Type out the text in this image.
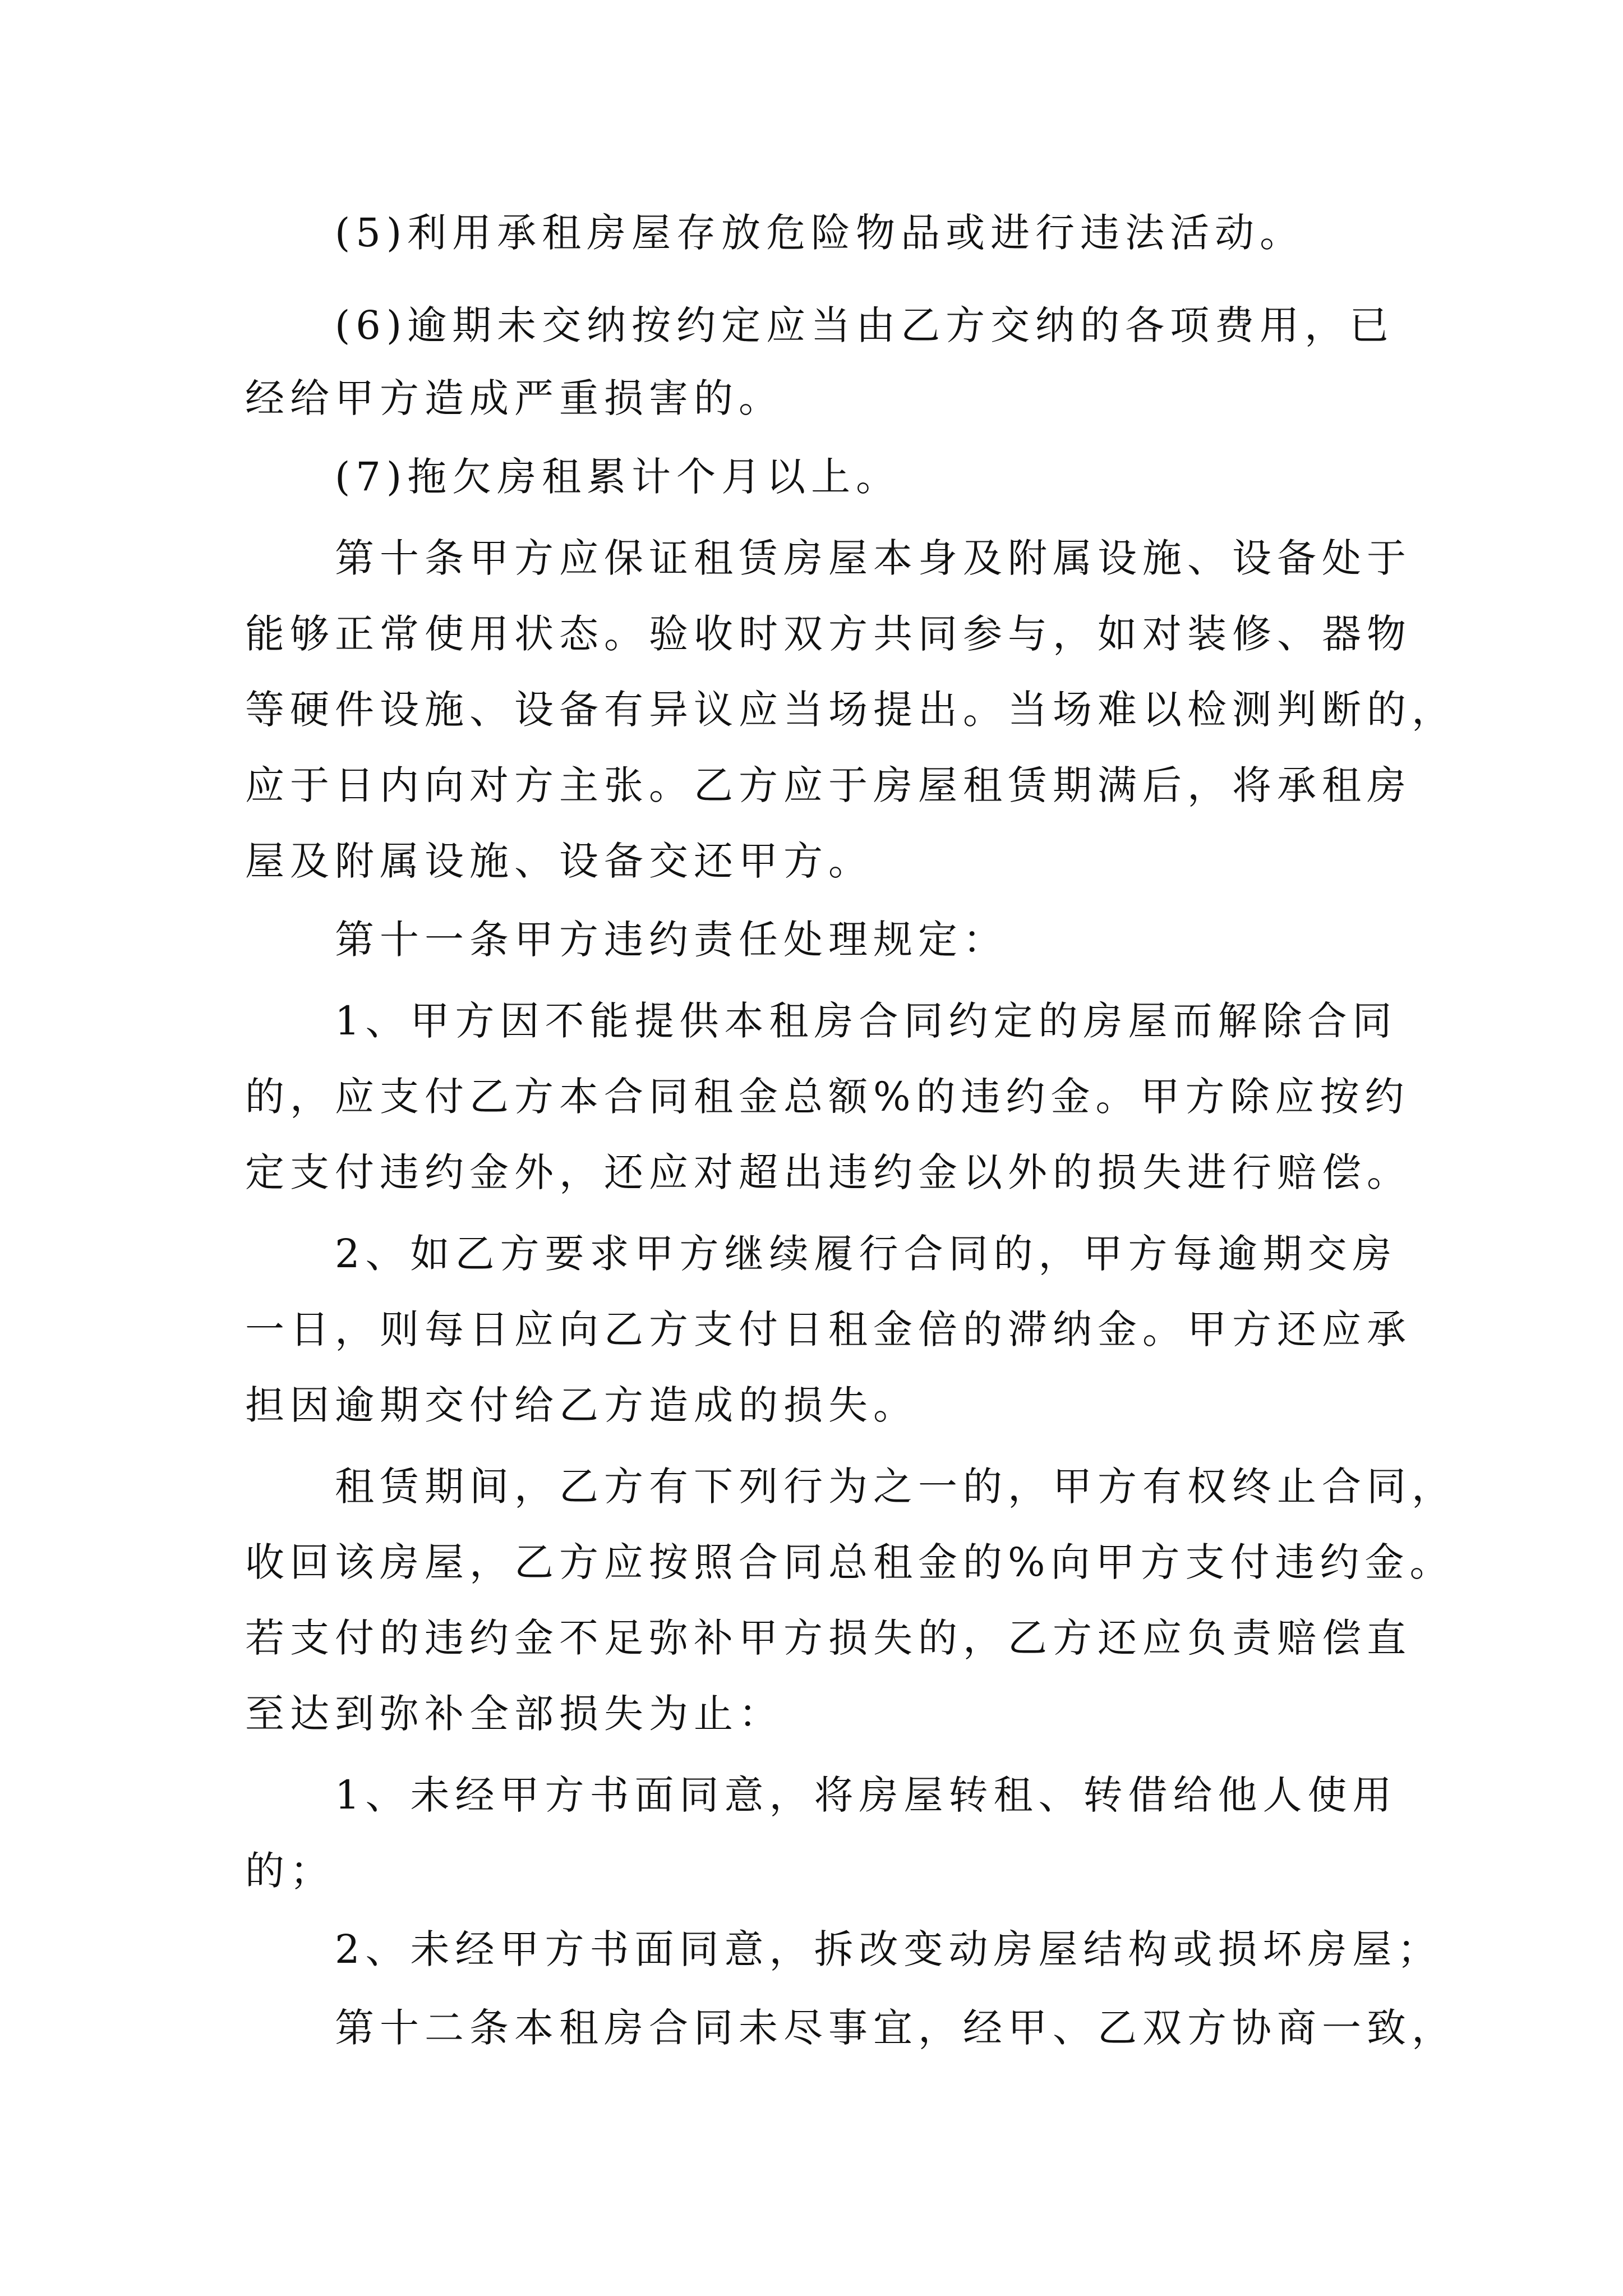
(5)利用承租房屋存放危险物品或进行违法活动。
(6)逾期未交纳按约定应当由乙方交纳的各项费用，已
经给甲方造成严重损害的。
(7)拖欠房租累计个月以上。
第十条甲方应保证租赁房屋本身及附属设施、设备处于
能够正常使用状态。验收时双方共同参与，如对装修、器物
等硬件设施、设备有异议应当场提出。当场难以检测判断的，
应于日内向对方主张。乙方应于房屋租赁期满后，将承租房
屋及附属设施、设备交还甲方。
第十一条甲方违约责任处理规定：
1、甲方因不能提供本租房合同约定的房屋而解除合同
的，应支付乙方本合同租金总额%的违约金。甲方除应按约
定支付违约金外，还应对超出违约金以外的损失进行赔偿。
2、如乙方要求甲方继续履行合同的，甲方每逾期交房
一日，则每日应向乙方支付日租金倍的滞纳金。甲方还应承
担因逾期交付给乙方造成的损失。
租赁期间，乙方有下列行为之一的，甲方有权终止合同，
收回该房屋，乙方应按照合同总租金的%向甲方支付违约金。
若支付的违约金不足弥补甲方损失的，乙方还应负责赔偿直
至达到弥补全部损失为止：
1、未经甲方书面同意，将房屋转租、转借给他人使用
的；
2、未经甲方书面同意，拆改变动房屋结构或损坏房屋；
第十二条本租房合同未尽事宜，经甲、乙双方协商一致，
